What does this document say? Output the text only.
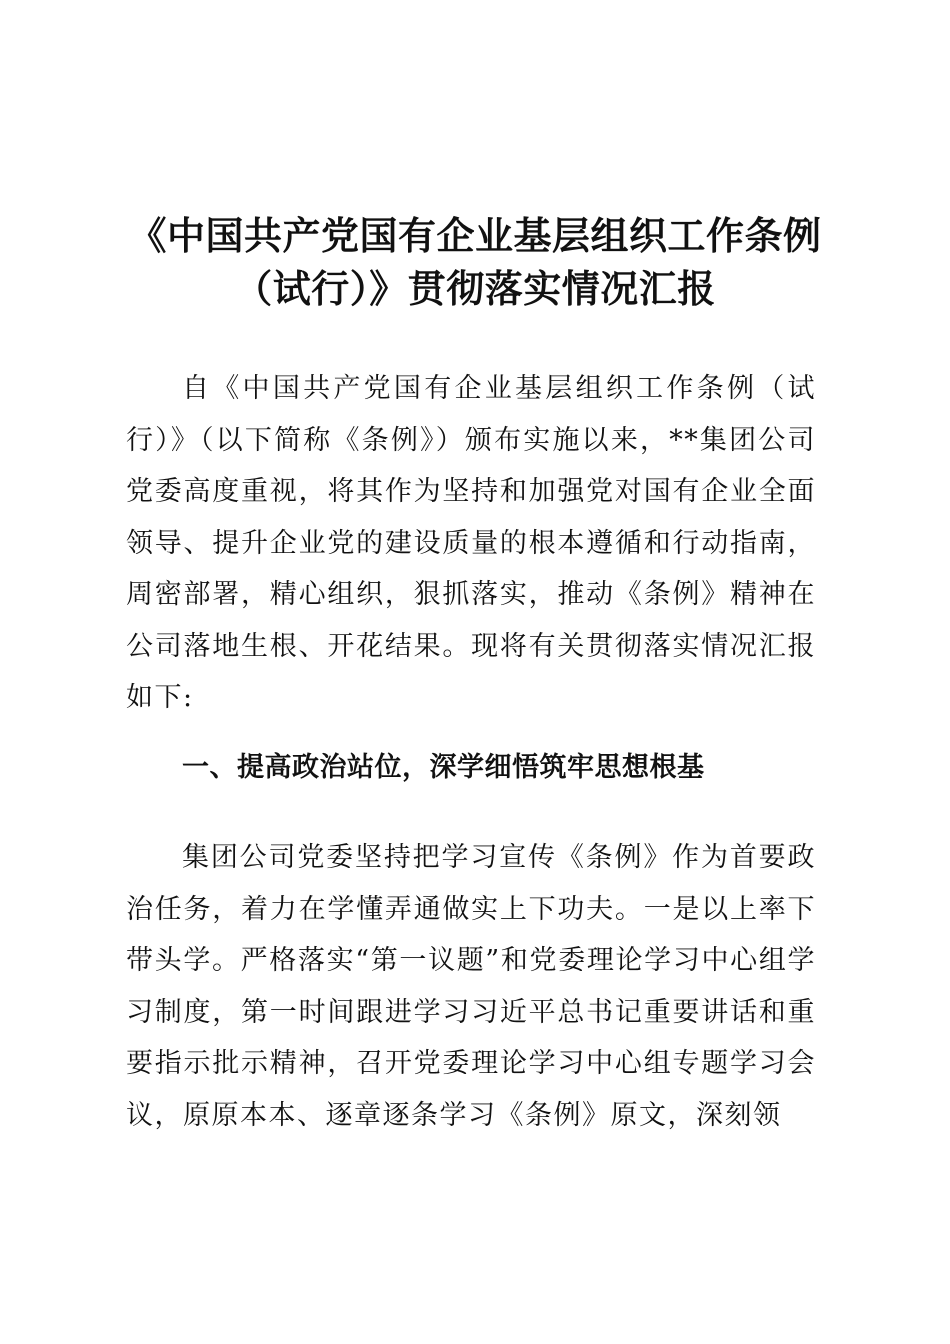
《中国共产党国有企业基层组织工作条例
（试行）》贯彻落实情况汇报

自《中国共产党国有企业基层组织工作条例（试行）》（以下简称《条例》）颁布实施以来，**集团公司党委高度重视，将其作为坚持和加强党对国有企业全面领导、提升企业党的建设质量的根本遵循和行动指南，周密部署，精心组织，狠抓落实，推动《条例》精神在公司落地生根、开花结果。现将有关贯彻落实情况汇报如下:

一、提高政治站位，深学细悟筑牢思想根基

集团公司党委坚持把学习宣传《条例》作为首要政治任务，着力在学懂弄通做实上下功夫。一是以上率下带头学。严格落实“第一议题”和党委理论学习中心组学习制度，第一时间跟进学习习近平总书记重要讲话和重要指示批示精神，召开党委理论学习中心组专题学习会议，原原本本、逐章逐条学习《条例》原文，深刻领
